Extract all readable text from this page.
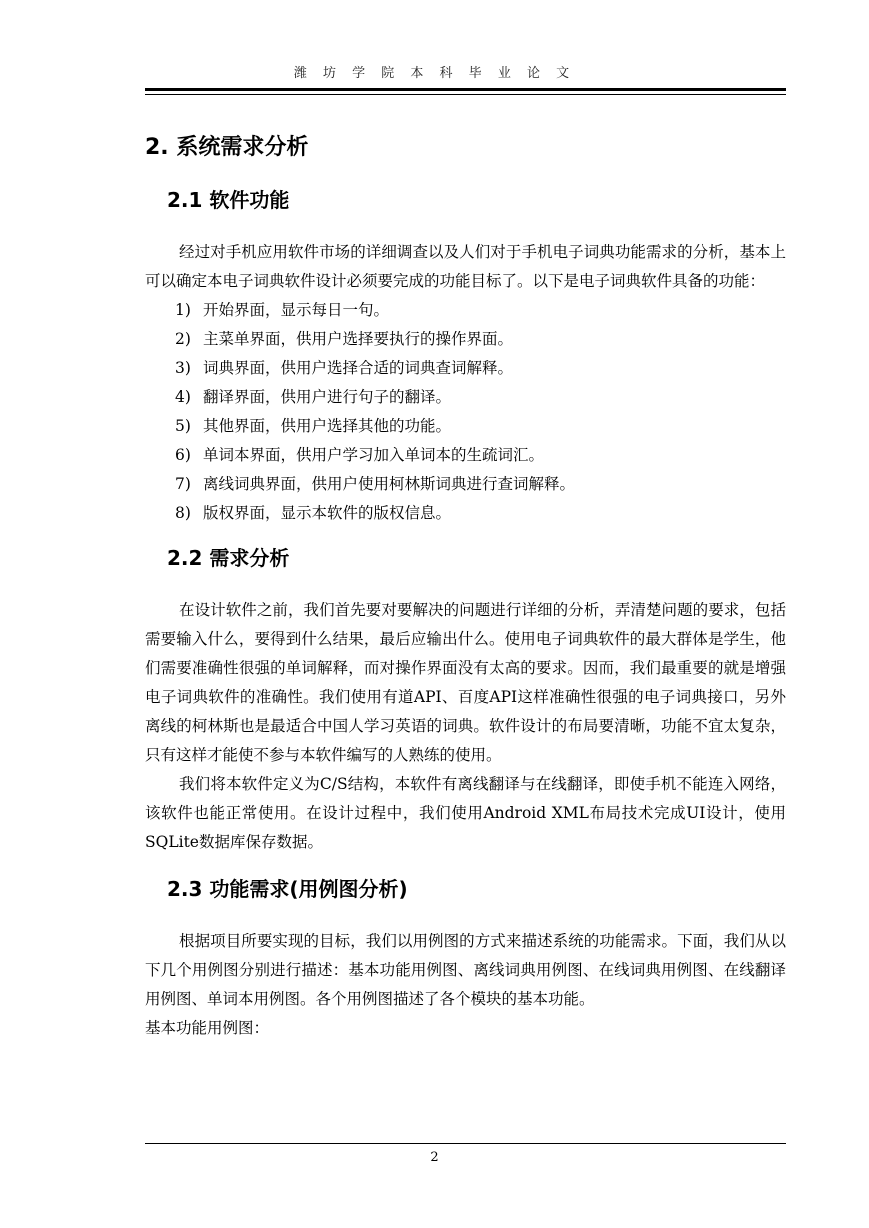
潍 坊 学 院 本 科 毕 业 论 文
2. 系统需求分析
2.1 软件功能

经过对手机应用软件市场的详细调查以及人们对于手机电子词典功能需求的分析，基本上可以确定本电子词典软件设计必须要完成的功能目标了。以下是电子词典软件具备的功能：

1) 开始界面，显示每日一句。
2) 主菜单界面，供用户选择要执行的操作界面。
3) 词典界面，供用户选择合适的词典查词解释。
4) 翻译界面，供用户进行句子的翻译。
5) 其他界面，供用户选择其他的功能。
6) 单词本界面，供用户学习加入单词本的生疏词汇。
7) 离线词典界面，供用户使用柯林斯词典进行查词解释。
8) 版权界面，显示本软件的版权信息。
2.2 需求分析

在设计软件之前，我们首先要对要解决的问题进行详细的分析，弄清楚问题的要求，包括需要输入什么，要得到什么结果，最后应输出什么。使用电子词典软件的最大群体是学生，他们需要准确性很强的单词解释，而对操作界面没有太高的要求。因而，我们最重要的就是增强电子词典软件的准确性。我们使用有道API、百度API这样准确性很强的电子词典接口，另外离线的柯林斯也是最适合中国人学习英语的词典。软件设计的布局要清晰，功能不宜太复杂，只有这样才能使不参与本软件编写的人熟练的使用。

我们将本软件定义为C/S结构，本软件有离线翻译与在线翻译，即使手机不能连入网络，该软件也能正常使用。在设计过程中，我们使用Android XML布局技术完成UI设计，使用SQLite数据库保存数据。

2.3 功能需求(用例图分析)

根据项目所要实现的目标，我们以用例图的方式来描述系统的功能需求。下面，我们从以下几个用例图分别进行描述：基本功能用例图、离线词典用例图、在线词典用例图、在线翻译用例图、单词本用例图。各个用例图描述了各个模块的基本功能。

基本功能用例图：

2
